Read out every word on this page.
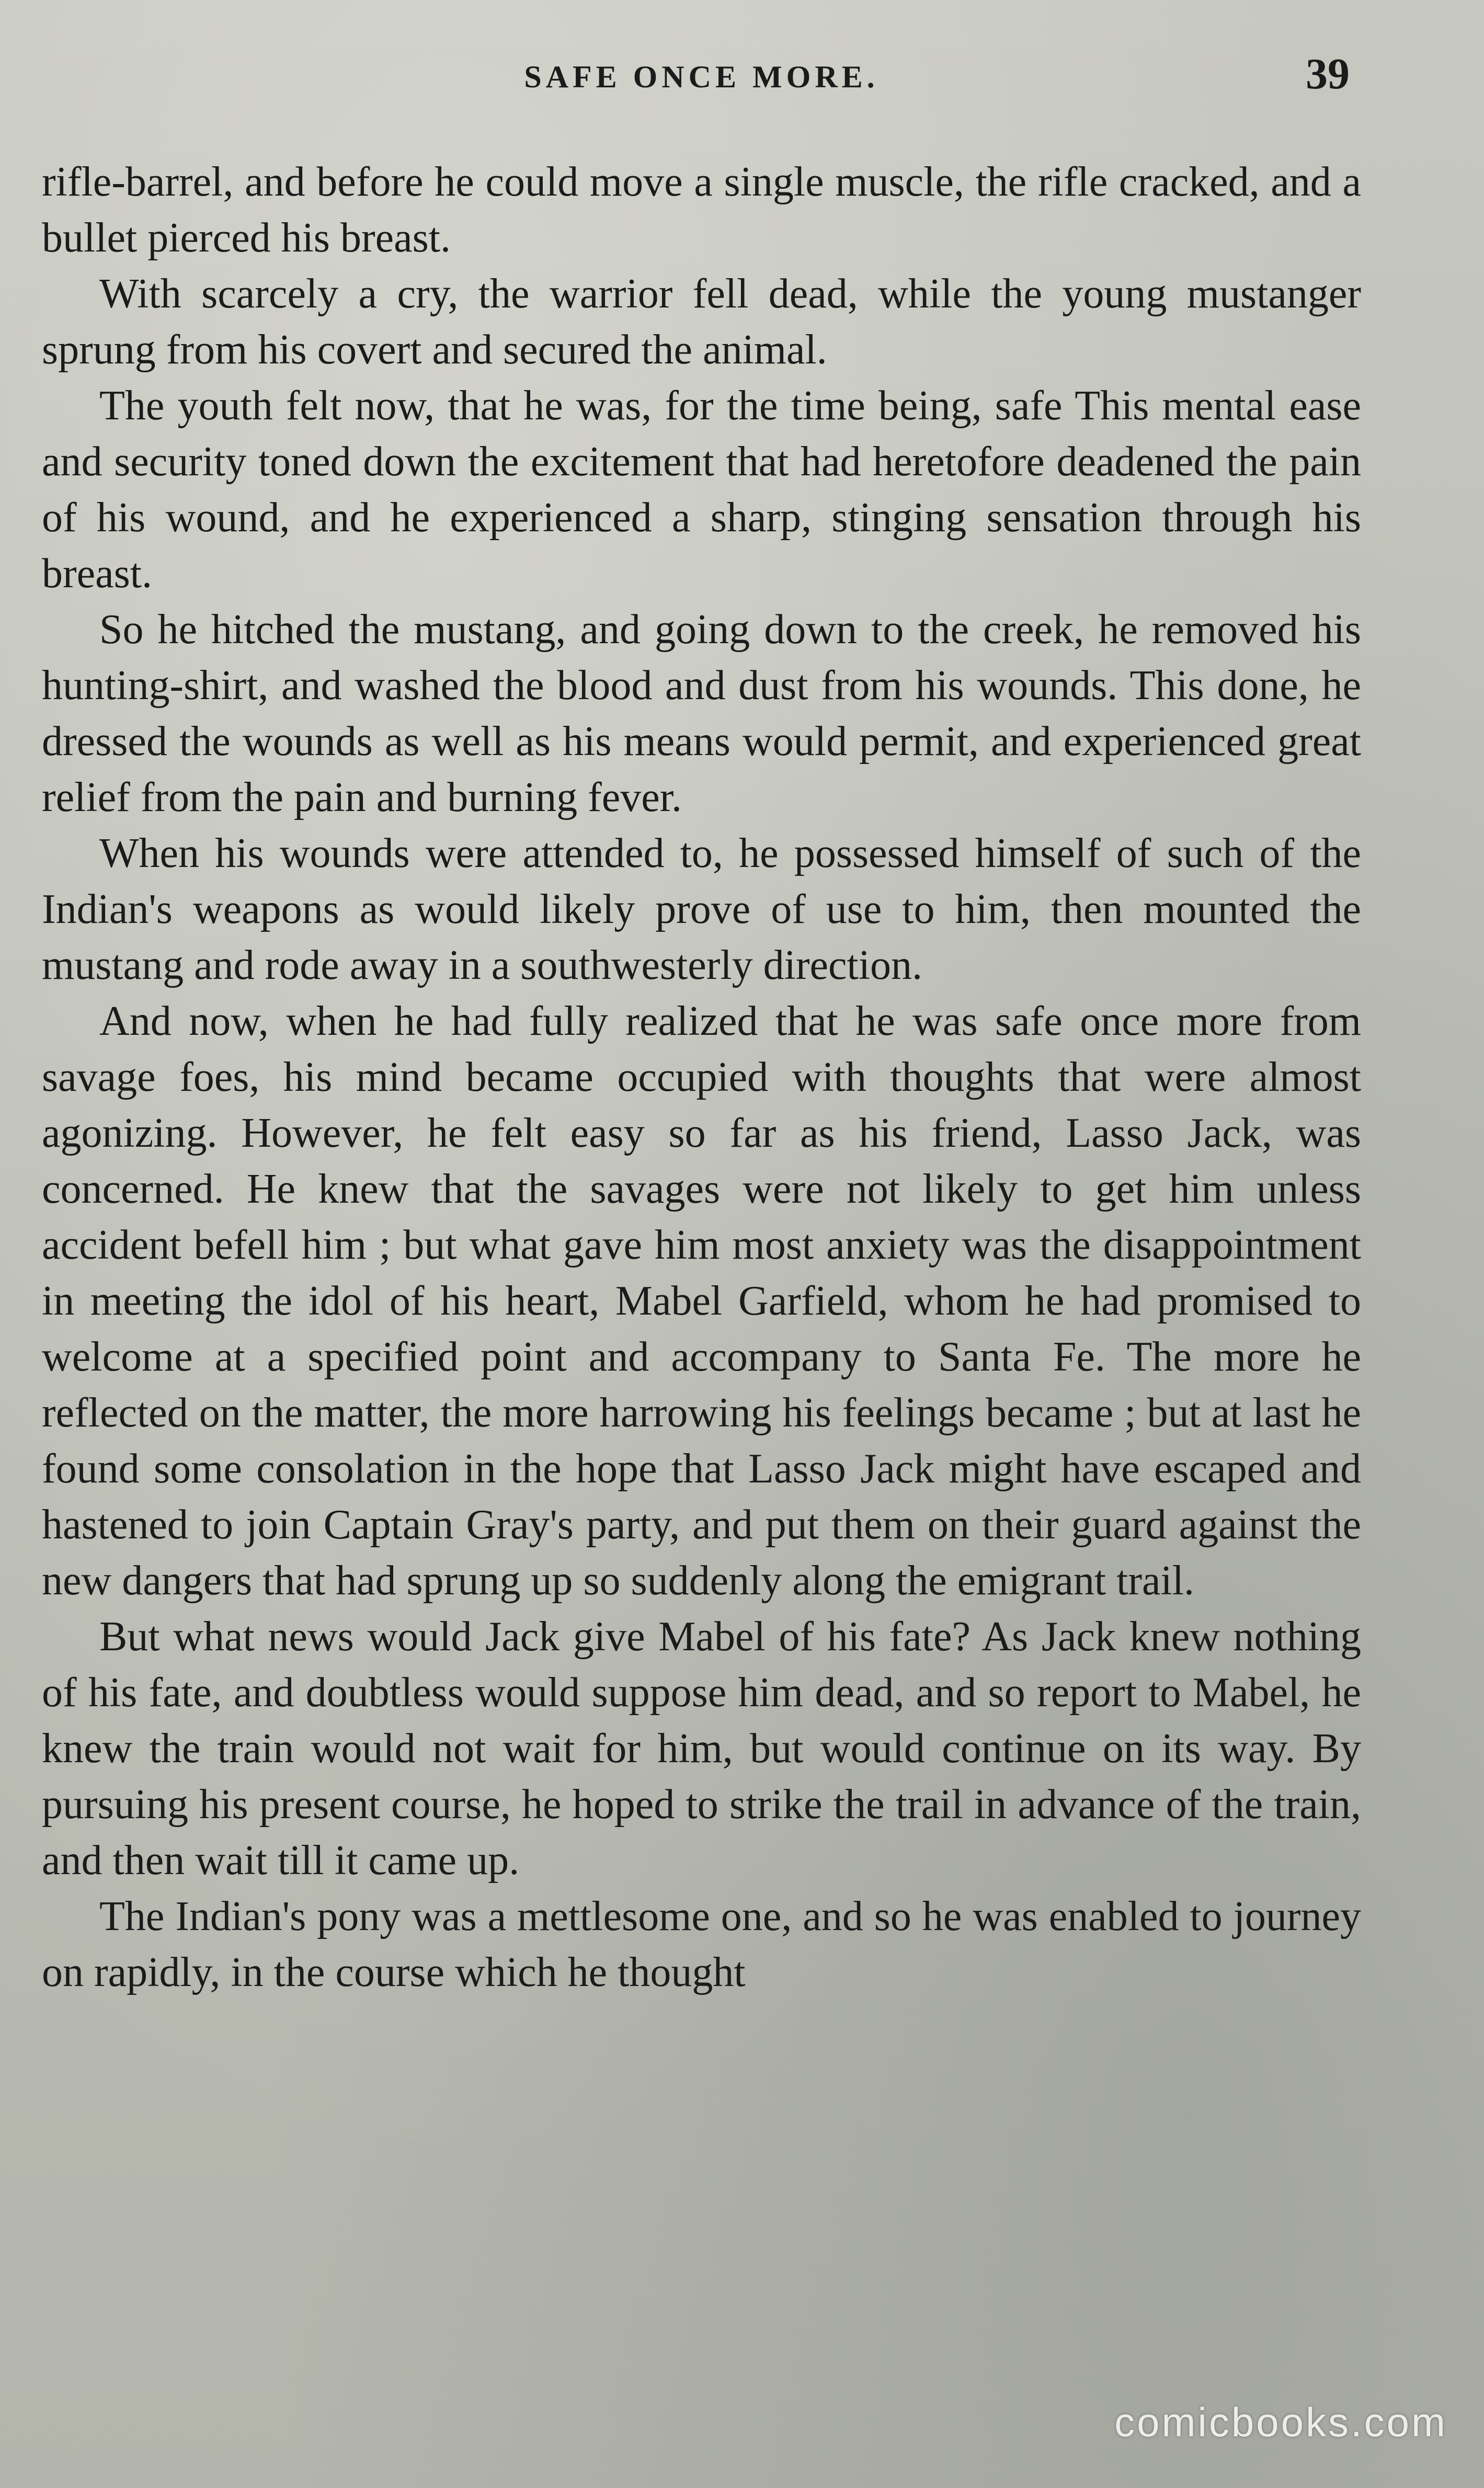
SAFE ONCE MORE.	39

rifle-barrel, and before he could move a single muscle, the rifle cracked, and a bullet pierced his breast.

With scarcely a cry, the warrior fell dead, while the young mustanger sprung from his covert and secured the animal.

The youth felt now, that he was, for the time being, safe This mental ease and security toned down the excitement that had heretofore deadened the pain of his wound, and he experienced a sharp, stinging sensation through his breast.

So he hitched the mustang, and going down to the creek, he removed his hunting-shirt, and washed the blood and dust from his wounds. This done, he dressed the wounds as well as his means would permit, and experienced great relief from the pain and burning fever.

When his wounds were attended to, he possessed himself of such of the Indian's weapons as would likely prove of use to him, then mounted the mustang and rode away in a southwesterly direction.

And now, when he had fully realized that he was safe once more from savage foes, his mind became occupied with thoughts that were almost agonizing. However, he felt easy so far as his friend, Lasso Jack, was concerned. He knew that the savages were not likely to get him unless accident befell him ; but what gave him most anxiety was the disappointment in meeting the idol of his heart, Mabel Garfield, whom he had promised to welcome at a specified point and accompany to Santa Fe. The more he reflected on the matter, the more harrowing his feelings became ; but at last he found some consolation in the hope that Lasso Jack might have escaped and hastened to join Captain Gray's party, and put them on their guard against the new dangers that had sprung up so suddenly along the emigrant trail.

But what news would Jack give Mabel of his fate? As Jack knew nothing of his fate, and doubtless would suppose him dead, and so report to Mabel, he knew the train would not wait for him, but would continue on its way. By pursuing his present course, he hoped to strike the trail in advance of the train, and then wait till it came up.

The Indian's pony was a mettlesome one, and so he was enabled to journey on rapidly, in the course which he thought

comicbooks.com
